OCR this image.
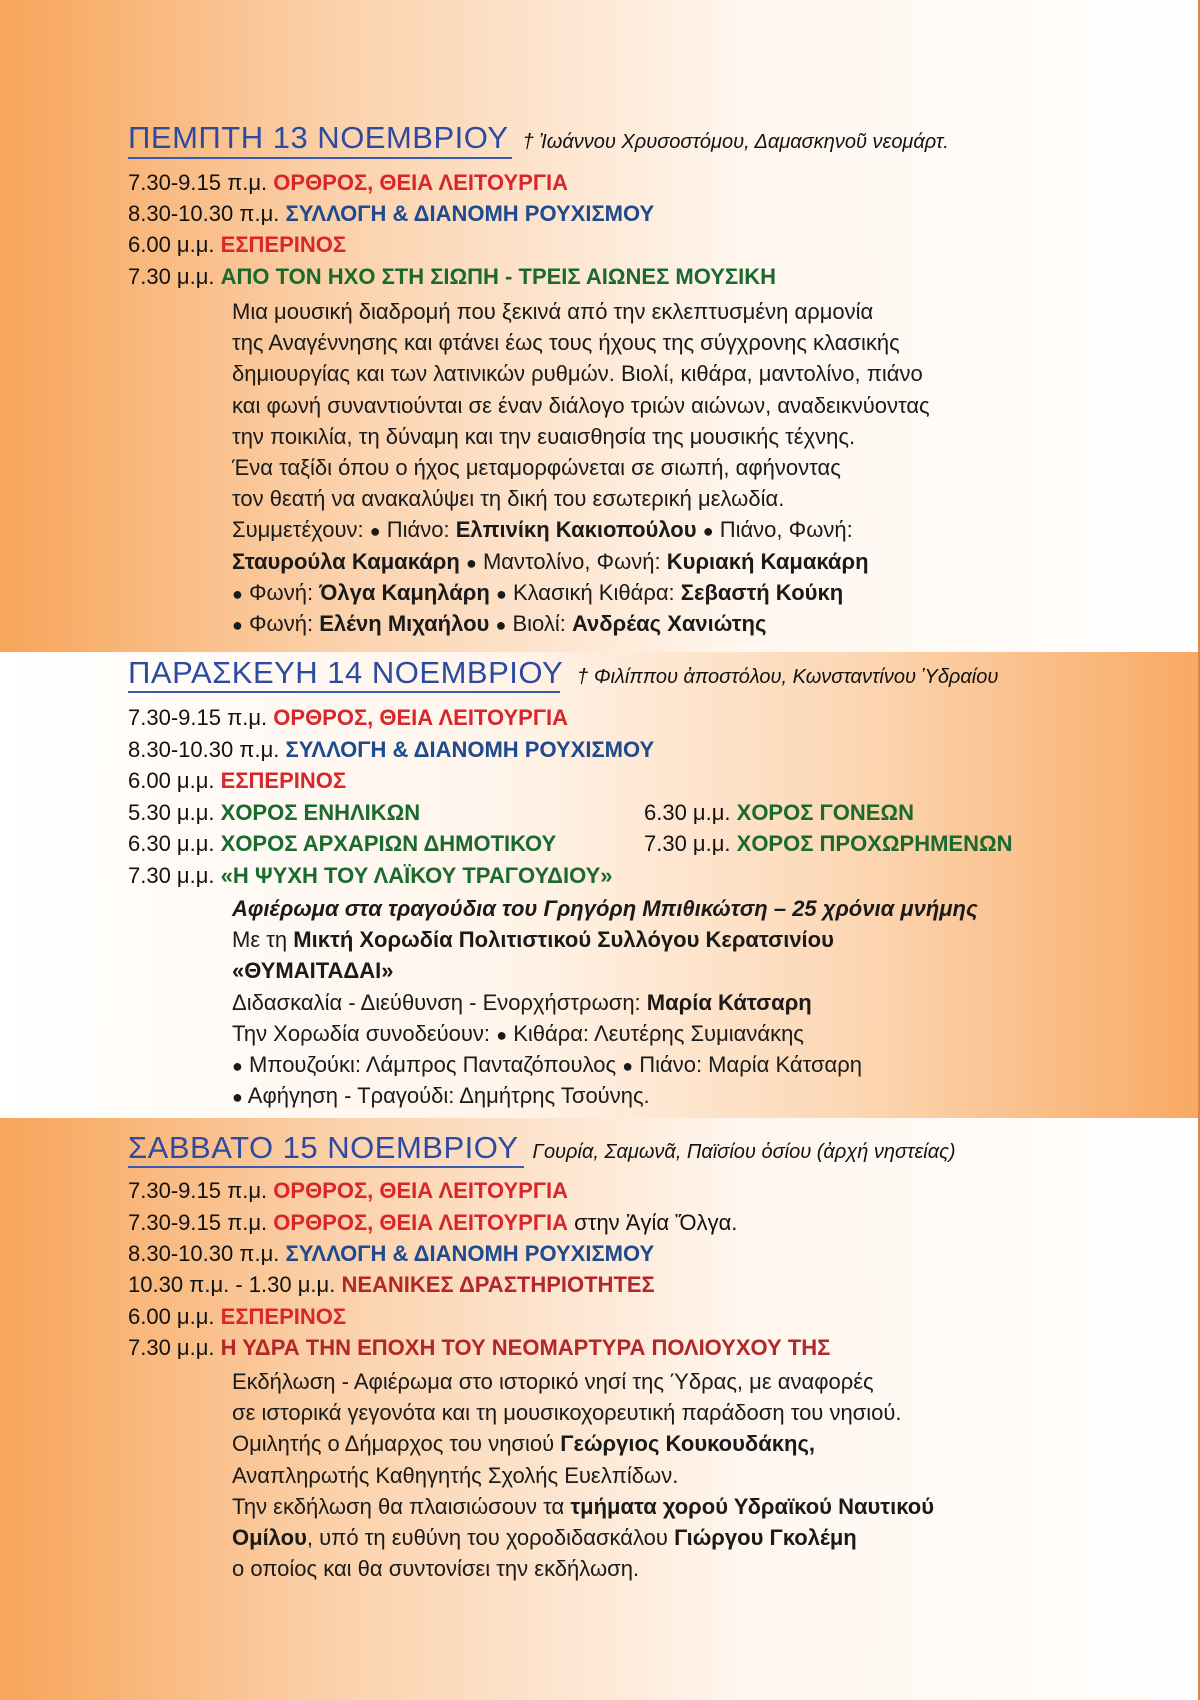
ΠΕΜΠΤΗ 13 ΝΟΕΜΒΡΙΟΥ † Ἰωάννου Χρυσοστόμου, Δαμασκηνοῦ νεομάρτ.
7.30-9.15 π.μ. ΟΡΘΡΟΣ, ΘΕΙΑ ΛΕΙΤΟΥΡΓΙΑ
8.30-10.30 π.μ. ΣΥΛΛΟΓΗ & ΔΙΑΝΟΜΗ ΡΟΥΧΙΣΜΟΥ
6.00 μ.μ. ΕΣΠΕΡΙΝΟΣ
7.30 μ.μ. ΑΠΟ ΤΟΝ ΗΧΟ ΣΤΗ ΣΙΩΠΗ - ΤΡΕΙΣ ΑΙΩΝΕΣ ΜΟΥΣΙΚΗ
Μια μουσική διαδρομή που ξεκινά από την εκλεπτυσμένη αρμονία
της Αναγέννησης και φτάνει έως τους ήχους της σύγχρονης κλασικής
δημιουργίας και των λατινικών ρυθμών. Βιολί, κιθάρα, μαντολίνο, πιάνο
και φωνή συναντιούνται σε έναν διάλογο τριών αιώνων, αναδεικνύοντας
την ποικιλία, τη δύναμη και την ευαισθησία της μουσικής τέχνης.
Ένα ταξίδι όπου ο ήχος μεταμορφώνεται σε σιωπή, αφήνοντας
τον θεατή να ανακαλύψει τη δική του εσωτερική μελωδία.
Συμμετέχουν: ● Πιάνο: Ελπινίκη Κακιοπούλου ● Πιάνο, Φωνή:
Σταυρούλα Καμακάρη ● Μαντολίνο, Φωνή: Κυριακή Καμακάρη
● Φωνή: Όλγα Καμηλάρη ● Κλασική Κιθάρα: Σεβαστή Κούκη
● Φωνή: Ελένη Μιχαήλου ● Βιολί: Ανδρέας Χανιώτης
ΠΑΡΑΣΚΕΥΗ 14 ΝΟΕΜΒΡΙΟΥ † Φιλίππου ἀποστόλου, Κωνσταντίνου Ὑδραίου
7.30-9.15 π.μ. ΟΡΘΡΟΣ, ΘΕΙΑ ΛΕΙΤΟΥΡΓΙΑ
8.30-10.30 π.μ. ΣΥΛΛΟΓΗ & ΔΙΑΝΟΜΗ ΡΟΥΧΙΣΜΟΥ
6.00 μ.μ. ΕΣΠΕΡΙΝΟΣ
5.30 μ.μ. ΧΟΡΟΣ ΕΝΗΛΙΚΩΝ	6.30 μ.μ. ΧΟΡΟΣ ΓΟΝΕΩΝ
6.30 μ.μ. ΧΟΡΟΣ ΑΡΧΑΡΙΩΝ ΔΗΜΟΤΙΚΟΥ	7.30 μ.μ. ΧΟΡΟΣ ΠΡΟΧΩΡΗΜΕΝΩΝ
7.30 μ.μ. «Η ΨΥΧΗ ΤΟΥ ΛΑΪΚΟΥ ΤΡΑΓΟΥΔΙΟΥ»
Αφιέρωμα στα τραγούδια του Γρηγόρη Μπιθικώτση – 25 χρόνια μνήμης
Με τη Μικτή Χορωδία Πολιτιστικού Συλλόγου Κερατσινίου
«ΘΥΜΑΙΤΑΔΑΙ»
Διδασκαλία - Διεύθυνση - Ενορχήστρωση: Μαρία Κάτσαρη
Την Χορωδία συνοδεύουν: ● Κιθάρα: Λευτέρης Συμιανάκης
● Μπουζούκι: Λάμπρος Πανταζόπουλος ● Πιάνο: Μαρία Κάτσαρη
● Αφήγηση - Τραγούδι: Δημήτρης Τσούνης.
ΣΑΒΒΑΤΟ 15 ΝΟΕΜΒΡΙΟΥ Γουρία, Σαμωνᾶ, Παϊσίου ὁσίου (ἀρχή νηστείας)
7.30-9.15 π.μ. ΟΡΘΡΟΣ, ΘΕΙΑ ΛΕΙΤΟΥΡΓΙΑ
7.30-9.15 π.μ. ΟΡΘΡΟΣ, ΘΕΙΑ ΛΕΙΤΟΥΡΓΙΑ στην Ἁγία Ὄλγα.
8.30-10.30 π.μ. ΣΥΛΛΟΓΗ & ΔΙΑΝΟΜΗ ΡΟΥΧΙΣΜΟΥ
10.30 π.μ. - 1.30 μ.μ. ΝΕΑΝΙΚΕΣ ΔΡΑΣΤΗΡΙΟΤΗΤΕΣ
6.00 μ.μ. ΕΣΠΕΡΙΝΟΣ
7.30 μ.μ. Η ΥΔΡΑ ΤΗΝ ΕΠΟΧΗ ΤΟΥ ΝΕΟΜΑΡΤΥΡΑ ΠΟΛΙΟΥΧΟΥ ΤΗΣ
Εκδήλωση - Αφιέρωμα στο ιστορικό νησί της Ύδρας, με αναφορές
σε ιστορικά γεγονότα και τη μουσικοχορευτική παράδοση του νησιού.
Ομιλητής ο Δήμαρχος του νησιού Γεώργιος Κουκουδάκης,
Αναπληρωτής Καθηγητής Σχολής Ευελπίδων.
Την εκδήλωση θα πλαισιώσουν τα τμήματα χορού Υδραϊκού Ναυτικού
Ομίλου, υπό τη ευθύνη του χοροδιδασκάλου Γιώργου Γκολέμη
ο οποίος και θα συντονίσει την εκδήλωση.
